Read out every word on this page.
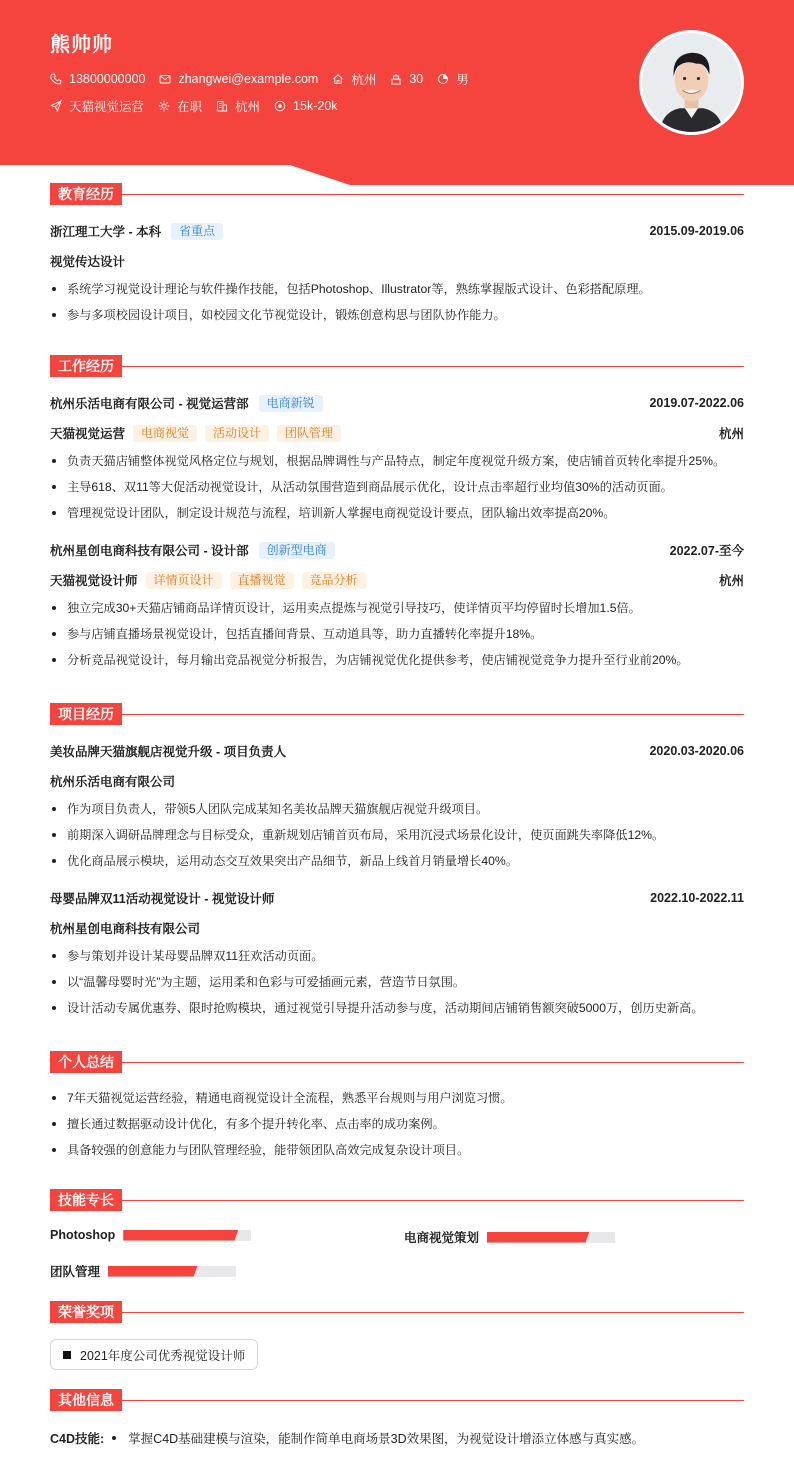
熊帅帅
13800000000	zhangwei@example.com	杭州	30	男
天猫视觉运营	在职	杭州	15k-20k
教育经历
浙江理工大学 - 本科	省重点	2015.09-2019.06
视觉传达设计
系统学习视觉设计理论与软件操作技能，包括Photoshop、Illustrator等，熟练掌握版式设计、色彩搭配原理。
参与多项校园设计项目，如校园文化节视觉设计，锻炼创意构思与团队协作能力。
工作经历
杭州乐活电商有限公司 - 视觉运营部	电商新锐	2019.07-2022.06
天猫视觉运营	电商视觉	活动设计	团队管理	杭州
负责天猫店铺整体视觉风格定位与规划，根据品牌调性与产品特点，制定年度视觉升级方案，使店铺首页转化率提升25%。
主导618、双11等大促活动视觉设计，从活动氛围营造到商品展示优化，设计点击率超行业均值30%的活动页面。
管理视觉设计团队，制定设计规范与流程，培训新人掌握电商视觉设计要点，团队输出效率提高20%。
杭州星创电商科技有限公司 - 设计部	创新型电商	2022.07-至今
天猫视觉设计师	详情页设计	直播视觉	竞品分析	杭州
独立完成30+天猫店铺商品详情页设计，运用卖点提炼与视觉引导技巧，使详情页平均停留时长增加1.5倍。
参与店铺直播场景视觉设计，包括直播间背景、互动道具等，助力直播转化率提升18%。
分析竞品视觉设计，每月输出竞品视觉分析报告，为店铺视觉优化提供参考，使店铺视觉竞争力提升至行业前20%。
项目经历
美妆品牌天猫旗舰店视觉升级 - 项目负责人	2020.03-2020.06
杭州乐活电商有限公司
作为项目负责人，带领5人团队完成某知名美妆品牌天猫旗舰店视觉升级项目。
前期深入调研品牌理念与目标受众，重新规划店铺首页布局，采用沉浸式场景化设计，使页面跳失率降低12%。
优化商品展示模块，运用动态交互效果突出产品细节，新品上线首月销量增长40%。
母婴品牌双11活动视觉设计 - 视觉设计师	2022.10-2022.11
杭州星创电商科技有限公司
参与策划并设计某母婴品牌双11狂欢活动页面。
以“温馨母婴时光”为主题，运用柔和色彩与可爱插画元素，营造节日氛围。
设计活动专属优惠券、限时抢购模块，通过视觉引导提升活动参与度，活动期间店铺销售额突破5000万，创历史新高。
个人总结
7年天猫视觉运营经验，精通电商视觉设计全流程，熟悉平台规则与用户浏览习惯。
擅长通过数据驱动设计优化，有多个提升转化率、点击率的成功案例。
具备较强的创意能力与团队管理经验，能带领团队高效完成复杂设计项目。
技能专长
Photoshop	电商视觉策划
团队管理
荣誉奖项
2021年度公司优秀视觉设计师
其他信息
C4D技能: 掌握C4D基础建模与渲染，能制作简单电商场景3D效果图，为视觉设计增添立体感与真实感。
